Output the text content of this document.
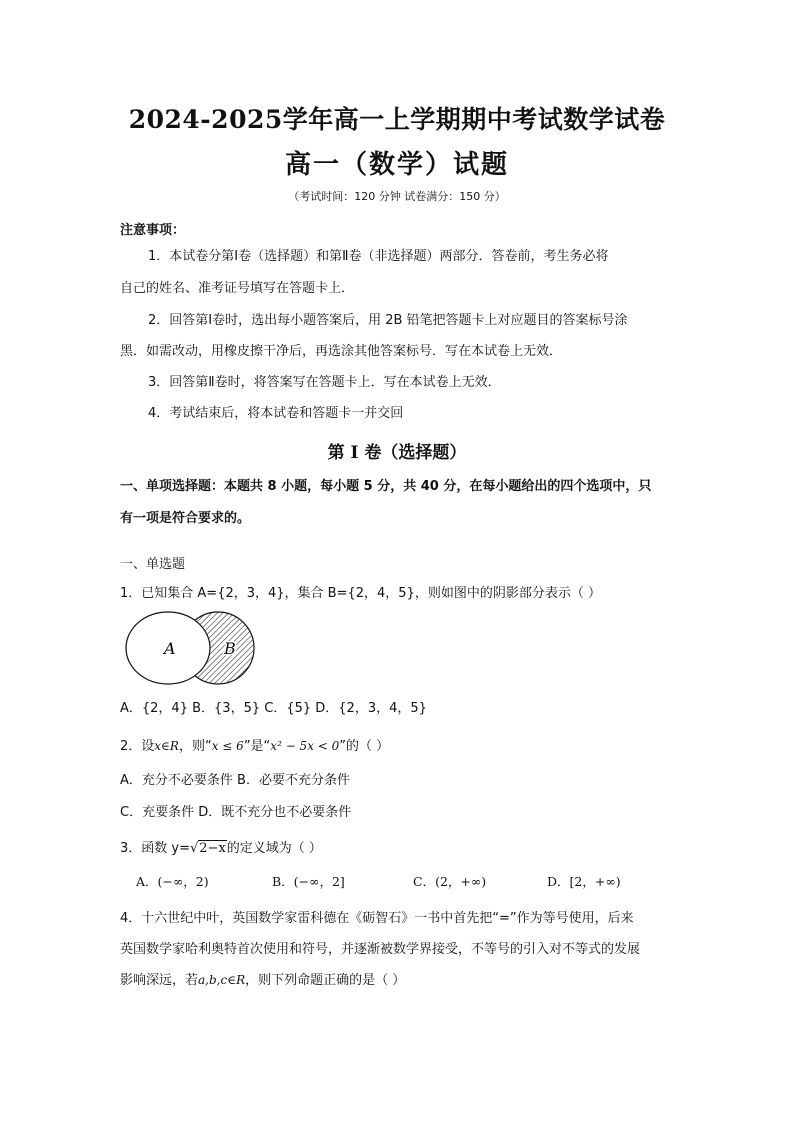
2024-2025学年高一上学期期中考试数学试卷
高一（数学）试题
（考试时间：120 分钟 试卷满分：150 分）
注意事项：
1．本试卷分第Ⅰ卷（选择题）和第Ⅱ卷（非选择题）两部分．答卷前，考生务必将
自己的姓名、准考证号填写在答题卡上．
2．回答第Ⅰ卷时，选出每小题答案后，用 2B 铅笔把答题卡上对应题目的答案标号涂
黑．如需改动，用橡皮擦干净后，再选涂其他答案标号．写在本试卷上无效．
3．回答第Ⅱ卷时，将答案写在答题卡上．写在本试卷上无效．
4．考试结束后，将本试卷和答题卡一并交回
第 I 卷（选择题）
一、单项选择题：本题共 8 小题，每小题 5 分，共 40 分，在每小题给出的四个选项中，只
有一项是符合要求的。
一、单选题
1．已知集合 A={2，3，4}，集合 B={2，4，5}，则如图中的阴影部分表示（ ）
A	B
A．{2，4} B．{3，5} C．{5} D．{2，3，4，5}
2．设x∈R，则“x ≤ 6”是“x² − 5x < 0”的（ ）
A．充分不必要条件 B．必要不充分条件
C．充要条件 D．既不充分也不必要条件
3．函数 y=√2−x的定义域为（ ）
A．(−∞，2)	B．(−∞，2]	C．(2，+∞)	D．[2，+∞)
4．十六世纪中叶，英国数学家雷科德在《砺智石》一书中首先把“=”作为等号使用，后来
英国数学家哈利奥特首次使用和符号，并逐渐被数学界接受，不等号的引入对不等式的发展
影响深远，若a,b,c∈R，则下列命题正确的是（ ）
